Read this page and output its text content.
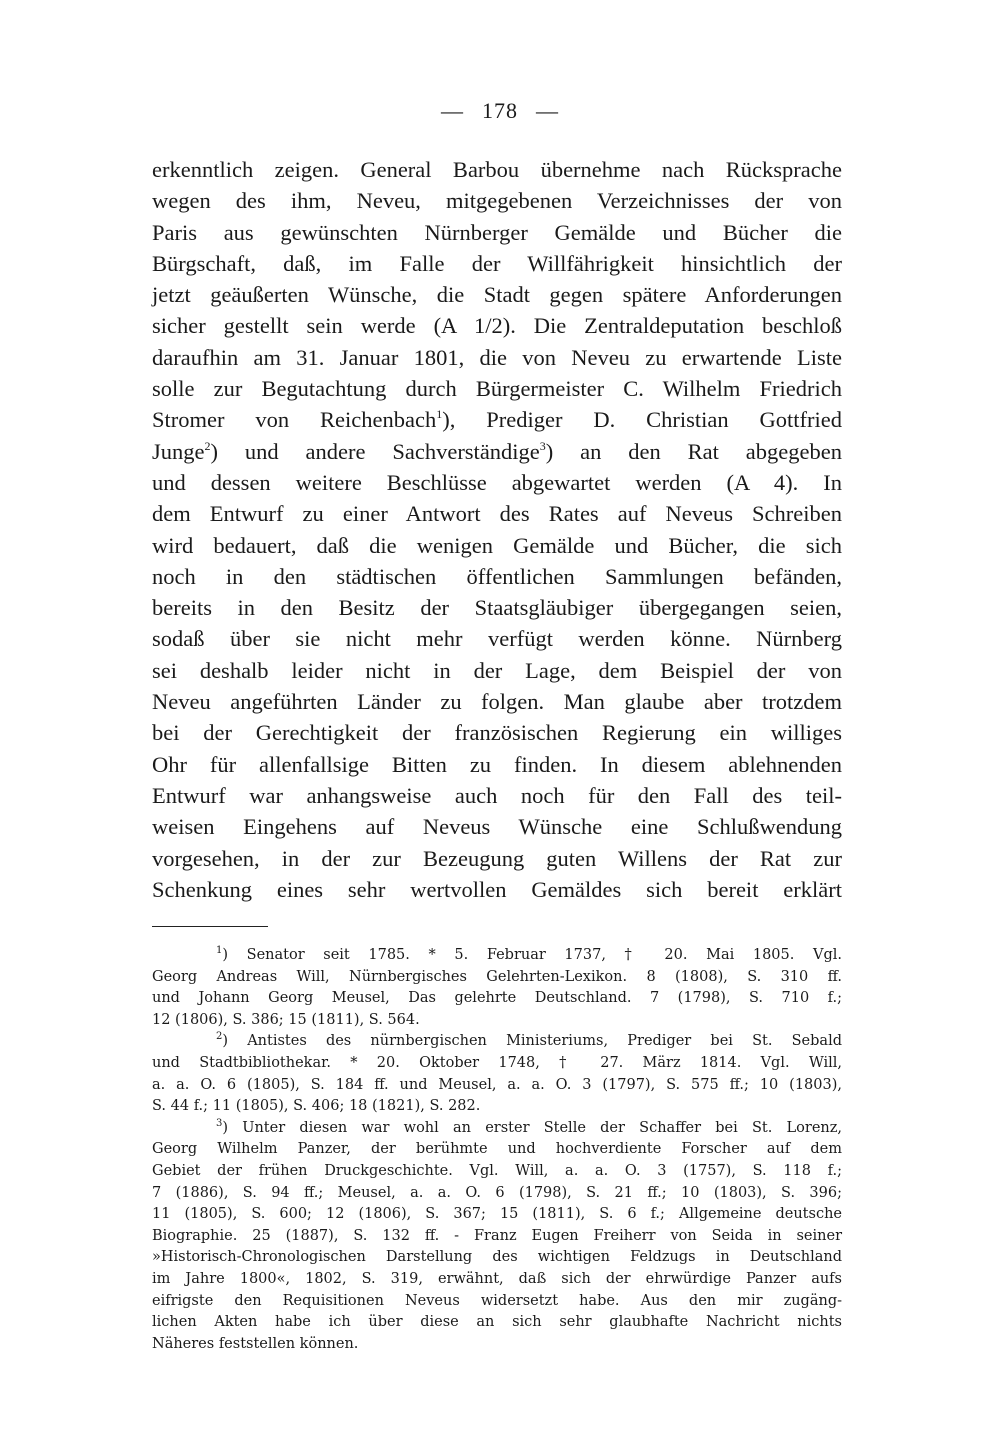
— 178 —
erkenntlich zeigen. General Barbou übernehme nach Rücksprache
wegen des ihm, Neveu, mitgegebenen Verzeichnisses der von
Paris aus gewünschten Nürnberger Gemälde und Bücher die
Bürgschaft, daß, im Falle der Willfährigkeit hinsichtlich der
jetzt geäußerten Wünsche, die Stadt gegen spätere Anforderungen
sicher gestellt sein werde (A 1/2). Die Zentraldeputation beschloß
daraufhin am 31. Januar 1801, die von Neveu zu erwartende Liste
solle zur Begutachtung durch Bürgermeister C. Wilhelm Friedrich
Stromer von Reichenbach$^1$), Prediger D. Christian Gottfried
Junge$^2$) und andere Sachverständige$^3$) an den Rat abgegeben
und dessen weitere Beschlüsse abgewartet werden (A 4). In
dem Entwurf zu einer Antwort des Rates auf Neveus Schreiben
wird bedauert, daß die wenigen Gemälde und Bücher, die sich
noch in den städtischen öffentlichen Sammlungen befänden,
bereits in den Besitz der Staatsgläubiger übergegangen seien,
sodaß über sie nicht mehr verfügt werden könne. Nürnberg
sei deshalb leider nicht in der Lage, dem Beispiel der von
Neveu angeführten Länder zu folgen. Man glaube aber trotzdem
bei der Gerechtigkeit der französischen Regierung ein williges
Ohr für allenfallsige Bitten zu finden. In diesem ablehnenden
Entwurf war anhangsweise auch noch für den Fall des teil-
weisen Eingehens auf Neveus Wünsche eine Schlußwendung
vorgesehen, in der zur Bezeugung guten Willens der Rat zur
Schenkung eines sehr wertvollen Gemäldes sich bereit erklärt
$^1$) Senator seit 1785. * 5. Februar 1737, † 20. Mai 1805. Vgl.
Georg Andreas Will, Nürnbergisches Gelehrten-Lexikon. 8 (1808), S. 310 ff.
und Johann Georg Meusel, Das gelehrte Deutschland. 7 (1798), S. 710 f.;
12 (1806), S. 386; 15 (1811), S. 564.
$^2$) Antistes des nürnbergischen Ministeriums, Prediger bei St. Sebald
und Stadtbibliothekar. * 20. Oktober 1748, † 27. März 1814. Vgl. Will,
a. a. O. 6 (1805), S. 184 ff. und Meusel, a. a. O. 3 (1797), S. 575 ff.; 10 (1803),
S. 44 f.; 11 (1805), S. 406; 18 (1821), S. 282.
$^3$) Unter diesen war wohl an erster Stelle der Schaffer bei St. Lorenz,
Georg Wilhelm Panzer, der berühmte und hochverdiente Forscher auf dem
Gebiet der frühen Druckgeschichte. Vgl. Will, a. a. O. 3 (1757), S. 118 f.;
7 (1886), S. 94 ff.; Meusel, a. a. O. 6 (1798), S. 21 ff.; 10 (1803), S. 396;
11 (1805), S. 600; 12 (1806), S. 367; 15 (1811), S. 6 f.; Allgemeine deutsche
Biographie. 25 (1887), S. 132 ff. - Franz Eugen Freiherr von Seida in seiner
»Historisch-Chronologischen Darstellung des wichtigen Feldzugs in Deutschland
im Jahre 1800«, 1802, S. 319, erwähnt, daß sich der ehrwürdige Panzer aufs
eifrigste den Requisitionen Neveus widersetzt habe. Aus den mir zugäng-
lichen Akten habe ich über diese an sich sehr glaubhafte Nachricht nichts
Näheres feststellen können.
